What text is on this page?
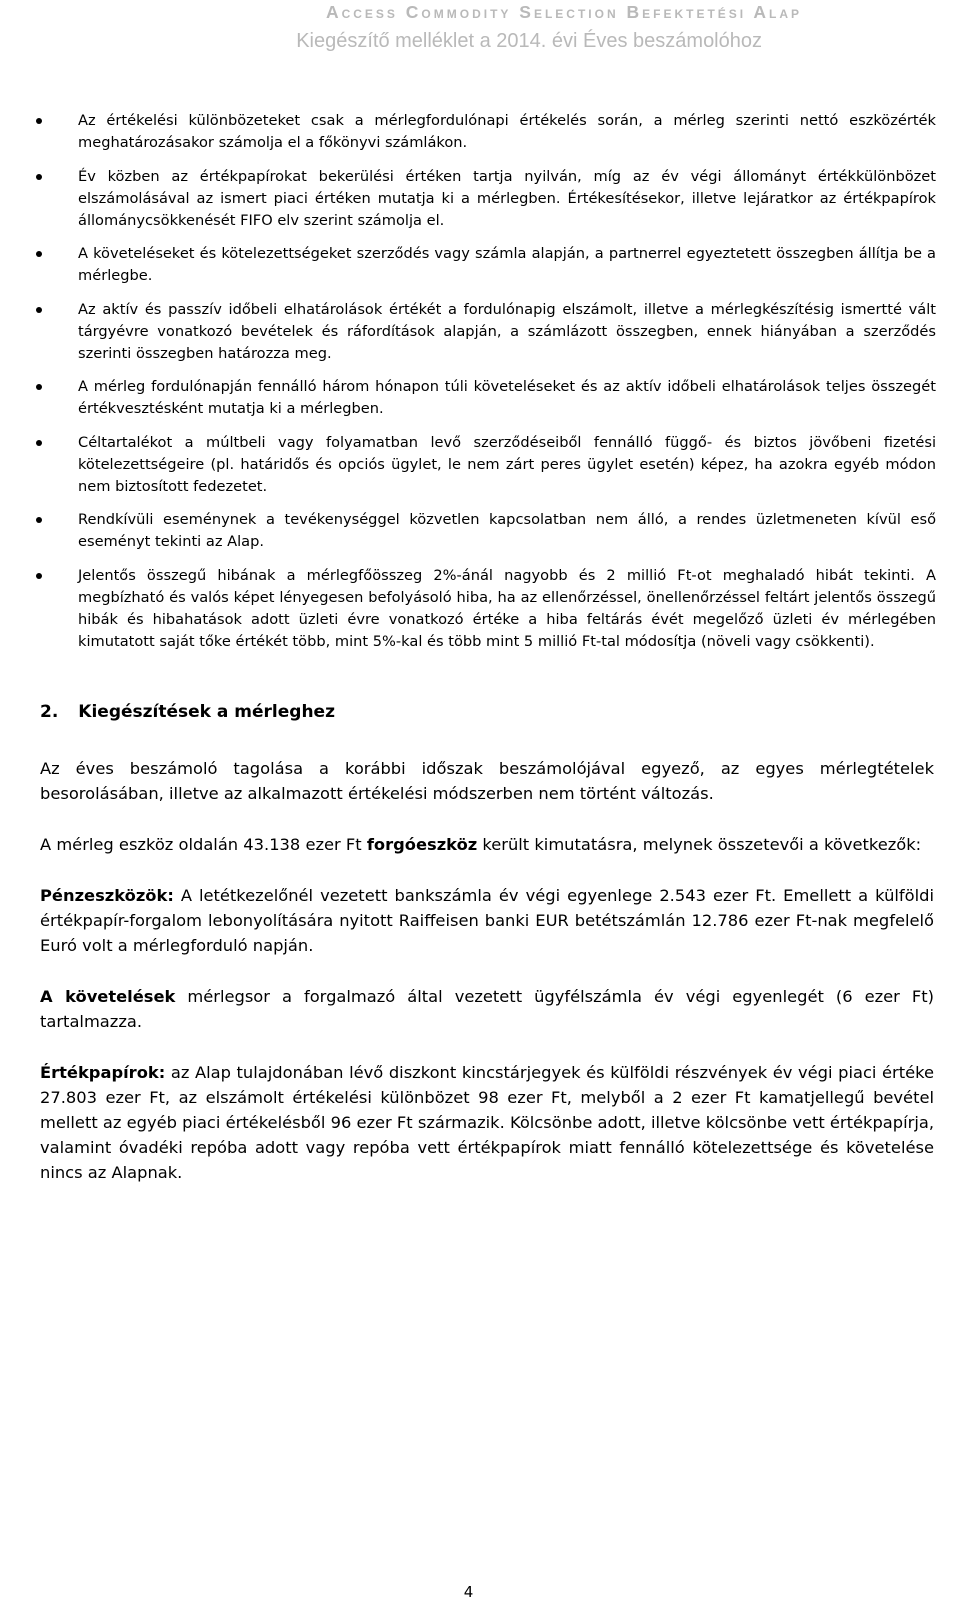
Access Commodity Selection Befektetési Alap
Kiegészítő melléklet a 2014. évi Éves beszámolóhoz
Az értékelési különbözeteket csak a mérlegfordulónapi értékelés során, a mérleg szerinti nettó eszközérték meghatározásakor számolja el a főkönyvi számlákon.
Év közben az értékpapírokat bekerülési értéken tartja nyilván, míg az év végi állományt értékkülönbözet elszámolásával az ismert piaci értéken mutatja ki a mérlegben. Értékesítésekor, illetve lejáratkor az értékpapírok állománycsökkenését FIFO elv szerint számolja el.
A követeléseket és kötelezettségeket szerződés vagy számla alapján, a partnerrel egyeztetett összegben állítja be a mérlegbe.
Az aktív és passzív időbeli elhatárolások értékét a fordulónapig elszámolt, illetve a mérlegkészítésig ismertté vált tárgyévre vonatkozó bevételek és ráfordítások alapján, a számlázott összegben, ennek hiányában a szerződés szerinti összegben határozza meg.
A mérleg fordulónapján fennálló három hónapon túli követeléseket és az aktív időbeli elhatárolások teljes összegét értékvesztésként mutatja ki a mérlegben.
Céltartalékot a múltbeli vagy folyamatban levő szerződéseiből fennálló függő- és biztos jövőbeni fizetési kötelezettségeire (pl. határidős és opciós ügylet, le nem zárt peres ügylet esetén) képez, ha azokra egyéb módon nem biztosított fedezetet.
Rendkívüli eseménynek a tevékenységgel közvetlen kapcsolatban nem álló, a rendes üzletmeneten kívül eső eseményt tekinti az Alap.
Jelentős összegű hibának a mérlegfőösszeg 2%-ánál nagyobb és 2 millió Ft-ot meghaladó hibát tekinti. A megbízható és valós képet lényegesen befolyásoló hiba, ha az ellenőrzéssel, önellenőrzéssel feltárt jelentős összegű hibák és hibahatások adott üzleti évre vonatkozó értéke a hiba feltárás évét megelőző üzleti év mérlegében kimutatott saját tőke értékét több, mint 5%-kal és több mint 5 millió Ft-tal módosítja (növeli vagy csökkenti).
2. Kiegészítések a mérleghez

Az éves beszámoló tagolása a korábbi időszak beszámolójával egyező, az egyes mérlegtételek besorolásában, illetve az alkalmazott értékelési módszerben nem történt változás.

A mérleg eszköz oldalán 43.138 ezer Ft forgóeszköz került kimutatásra, melynek összetevői a következők:

Pénzeszközök: A letétkezelőnél vezetett bankszámla év végi egyenlege 2.543 ezer Ft. Emellett a külföldi értékpapír-forgalom lebonyolítására nyitott Raiffeisen banki EUR betétszámlán 12.786 ezer Ft-nak megfelelő Euró volt a mérlegforduló napján.

A követelések mérlegsor a forgalmazó által vezetett ügyfélszámla év végi egyenlegét (6 ezer Ft) tartalmazza.

Értékpapírok: az Alap tulajdonában lévő diszkont kincstárjegyek és külföldi részvények év végi piaci értéke 27.803 ezer Ft, az elszámolt értékelési különbözet 98 ezer Ft, melyből a 2 ezer Ft kamatjellegű bevétel mellett az egyéb piaci értékelésből 96 ezer Ft származik. Kölcsönbe adott, illetve kölcsönbe vett értékpapírja, valamint óvadéki repóba adott vagy repóba vett értékpapírok miatt fennálló kötelezettsége és követelése nincs az Alapnak.

4
